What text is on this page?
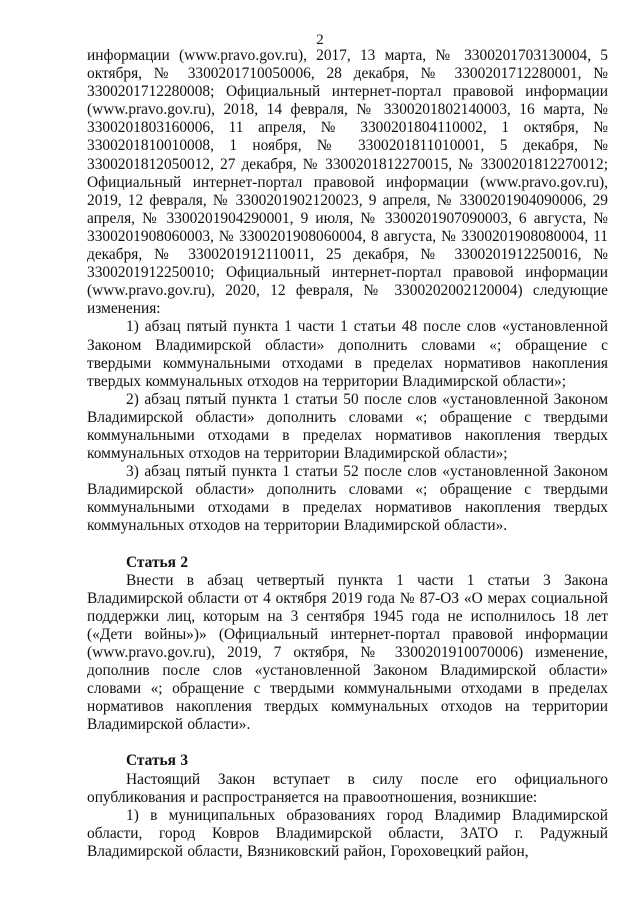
2

информации (www.pravo.gov.ru), 2017, 13 марта, № 3300201703130004, 5 октября, № 3300201710050006, 28 декабря, № 3300201712280001, № 3300201712280008; Официальный интернет-портал правовой информации (www.pravo.gov.ru), 2018, 14 февраля, № 3300201802140003, 16 марта, № 3300201803160006, 11 апреля, № 3300201804110002, 1 октября, № 3300201810010008, 1 ноября, № 3300201811010001, 5 декабря, № 3300201812050012, 27 декабря, № 3300201812270015, № 3300201812270012; Официальный интернет-портал правовой информации (www.pravo.gov.ru), 2019, 12 февраля, № 3300201902120023, 9 апреля, № 3300201904090006, 29 апреля, № 3300201904290001, 9 июля, № 3300201907090003, 6 августа, № 3300201908060003, № 3300201908060004, 8 августа, № 3300201908080004, 11 декабря, № 3300201912110011, 25 декабря, № 3300201912250016, № 3300201912250010; Официальный интернет-портал правовой информации (www.pravo.gov.ru), 2020, 12 февраля, № 3300202002120004) следующие изменения:

1) абзац пятый пункта 1 части 1 статьи 48 после слов «установленной Законом Владимирской области» дополнить словами «; обращение с твердыми коммунальными отходами в пределах нормативов накопления твердых коммунальных отходов на территории Владимирской области»;

2) абзац пятый пункта 1 статьи 50 после слов «установленной Законом Владимирской области» дополнить словами «; обращение с твердыми коммунальными отходами в пределах нормативов накопления твердых коммунальных отходов на территории Владимирской области»;

3) абзац пятый пункта 1 статьи 52 после слов «установленной Законом Владимирской области» дополнить словами «; обращение с твердыми коммунальными отходами в пределах нормативов накопления твердых коммунальных отходов на территории Владимирской области».

Статья 2

Внести в абзац четвертый пункта 1 части 1 статьи 3 Закона Владимирской области от 4 октября 2019 года № 87-ОЗ «О мерах социальной поддержки лиц, которым на 3 сентября 1945 года не исполнилось 18 лет («Дети войны»)» (Официальный интернет-портал правовой информации (www.pravo.gov.ru), 2019, 7 октября, № 3300201910070006) изменение, дополнив после слов «установленной Законом Владимирской области» словами «; обращение с твердыми коммунальными отходами в пределах нормативов накопления твердых коммунальных отходов на территории Владимирской области».

Статья 3

Настоящий Закон вступает в силу после его официального опубликования и распространяется на правоотношения, возникшие:

1) в муниципальных образованиях город Владимир Владимирской области, город Ковров Владимирской области, ЗАТО г. Радужный Владимирской области, Вязниковский район, Гороховецкий район,
